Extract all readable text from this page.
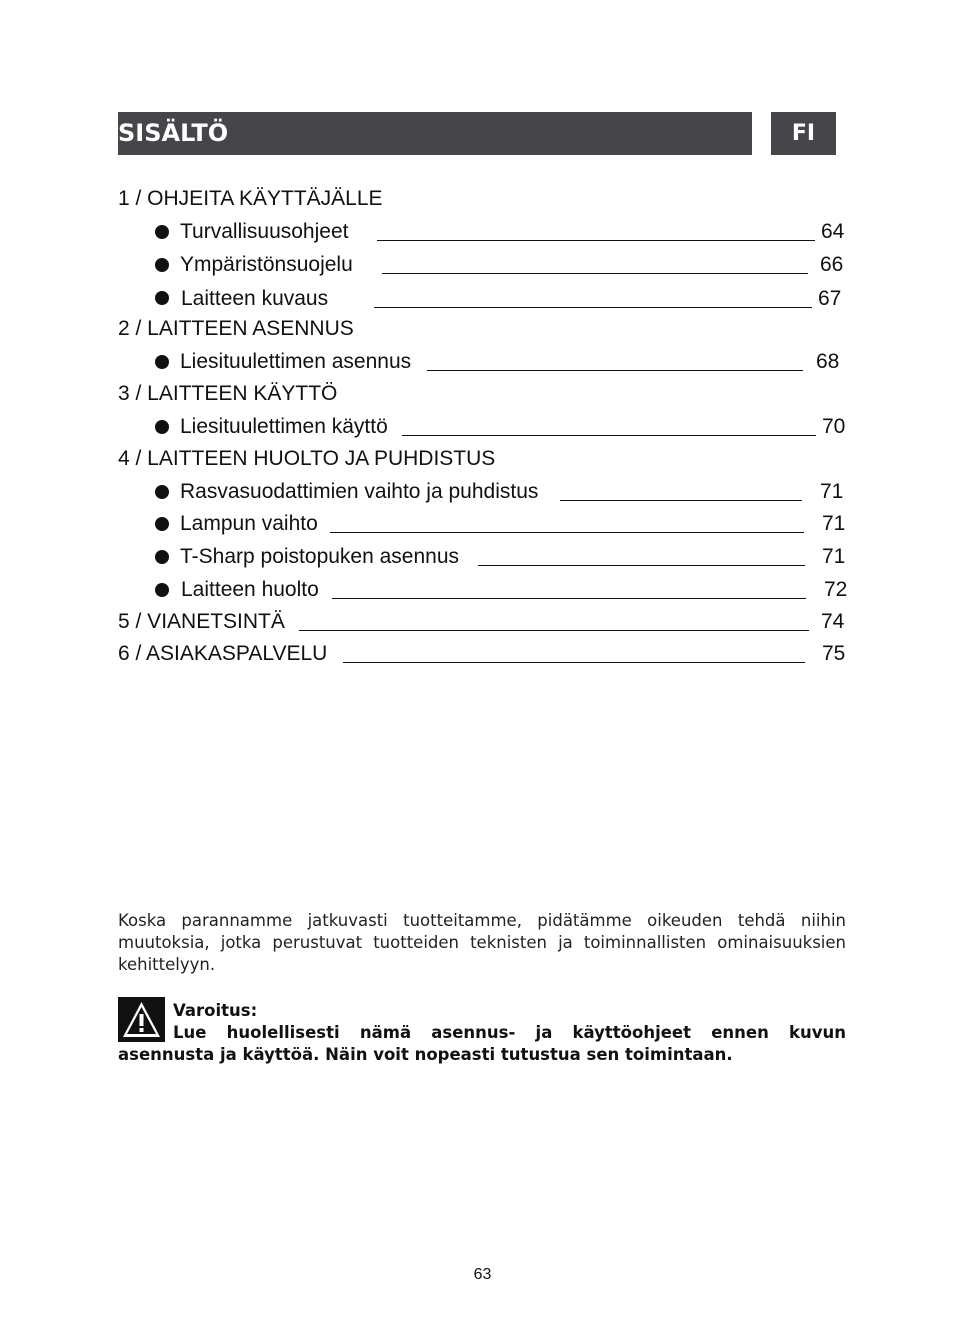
SISÄLTÖ	FI
1 / OHJEITA KÄYTTÄJÄLLE
Turvallisuusohjeet	64
Ympäristönsuojelu	66
Laitteen kuvaus	67
2 / LAITTEEN ASENNUS
Liesituulettimen asennus	68
3 / LAITTEEN KÄYTTÖ
Liesituulettimen käyttö	70
4 / LAITTEEN HUOLTO JA PUHDISTUS
Rasvasuodattimien vaihto ja puhdistus	71
Lampun vaihto	71
T-Sharp poistopuken asennus	71
Laitteen huolto	72
5 / VIANETSINTÄ	74
6 / ASIAKASPALVELU	75
Koska parannamme jatkuvasti tuotteitamme, pidätämme oikeuden tehdä niihin muutoksia, jotka perustuvat tuotteiden teknisten ja toiminnallisten ominaisuuksien kehittelyyn.
Varoitus:
Lue huolellisesti nämä asennus- ja käyttöohjeet ennen kuvun asennusta ja käyttöä. Näin voit nopeasti tutustua sen toimintaan.
63
